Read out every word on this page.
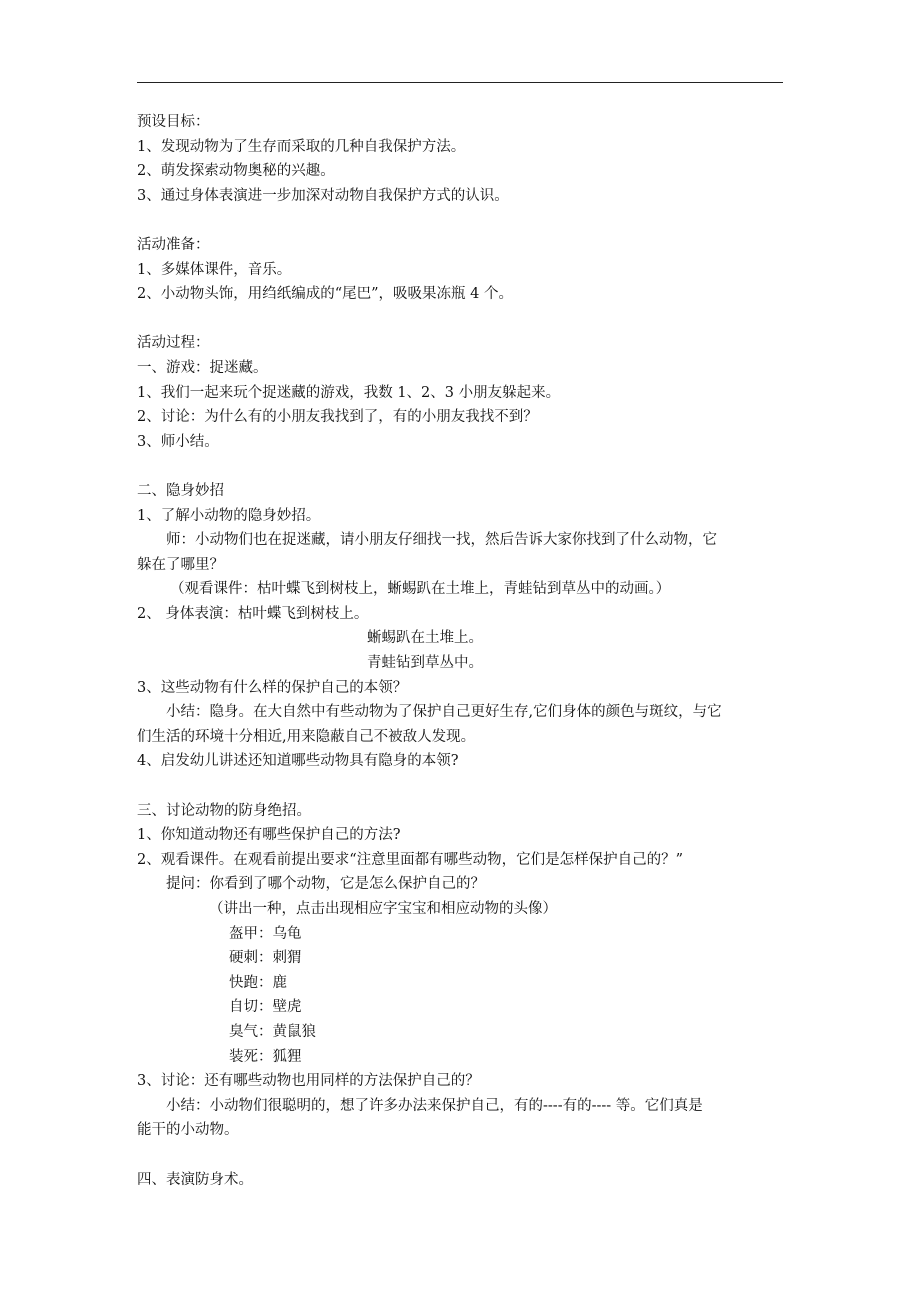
预设目标：
1、发现动物为了生存而采取的几种自我保护方法。
2、萌发探索动物奥秘的兴趣。
3、通过身体表演进一步加深对动物自我保护方式的认识。
活动准备：
1、多媒体课件，音乐。
2、小动物头饰，用绉纸编成的“尾巴”，吸吸果冻瓶 4 个。
活动过程：
一、游戏：捉迷藏。
1、我们一起来玩个捉迷藏的游戏，我数 1、2、3 小朋友躲起来。
2、讨论：为什么有的小朋友我找到了，有的小朋友我找不到？
3、师小结。
二、隐身妙招
1、了解小动物的隐身妙招。
师：小动物们也在捉迷藏，请小朋友仔细找一找，然后告诉大家你找到了什么动物，它
躲在了哪里？
（观看课件：枯叶蝶飞到树枝上，蜥蜴趴在土堆上，青蛙钻到草丛中的动画。）
2、 身体表演：枯叶蝶飞到树枝上。
蜥蜴趴在土堆上。
青蛙钻到草丛中。
3、这些动物有什么样的保护自己的本领？
小结：隐身。在大自然中有些动物为了保护自己更好生存,它们身体的颜色与斑纹，与它
们生活的环境十分相近,用来隐蔽自己不被敌人发现。
4、启发幼儿讲述还知道哪些动物具有隐身的本领?
三、讨论动物的防身绝招。
1、你知道动物还有哪些保护自己的方法?
2、观看课件。在观看前提出要求“注意里面都有哪些动物，它们是怎样保护自己的？”
提问：你看到了哪个动物，它是怎么保护自己的？
（讲出一种，点击出现相应字宝宝和相应动物的头像）
盔甲：乌龟
硬刺：刺猬
快跑：鹿
自切：壁虎
臭气：黄鼠狼
装死：狐狸
3、讨论：还有哪些动物也用同样的方法保护自己的？
小结：小动物们很聪明的，想了许多办法来保护自己，有的----有的---- 等。它们真是
能干的小动物。
四、表演防身术。
